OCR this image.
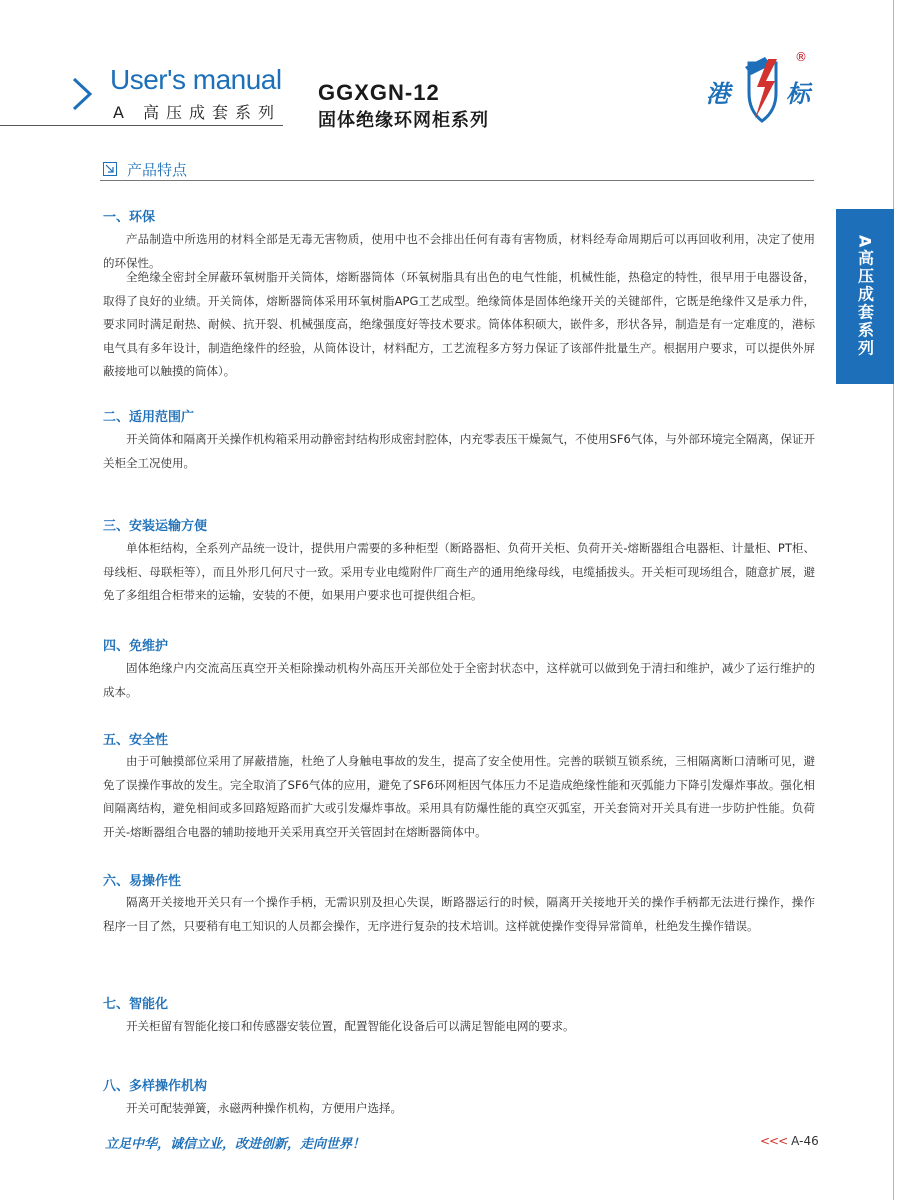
User's manual
A 高压成套系列
GGXGN-12
固体绝缘环网柜系列
港 标
®
产品特点
A高压成套系列
一、环保
产品制造中所选用的材料全部是无毒无害物质，使用中也不会排出任何有毒有害物质，材料经寿命周期后可以再回收利用，决定了使用的环保性。
全绝缘全密封全屏蔽环氧树脂开关筒体，熔断器筒体（环氧树脂具有出色的电气性能，机械性能，热稳定的特性，很早用于电器设备，取得了良好的业绩。开关筒体，熔断器筒体采用环氧树脂APG工艺成型。绝缘筒体是固体绝缘开关的关键部件，它既是绝缘件又是承力件，要求同时满足耐热、耐候、抗开裂、机械强度高，绝缘强度好等技术要求。筒体体积硕大，嵌件多，形状各异，制造是有一定难度的，港标电气具有多年设计，制造绝缘件的经验，从筒体设计，材料配方，工艺流程多方努力保证了该部件批量生产。根据用户要求，可以提供外屏蔽接地可以触摸的筒体）。
二、适用范围广
开关筒体和隔离开关操作机构箱采用动静密封结构形成密封腔体，内充零表压干燥氮气，不使用SF6气体，与外部环境完全隔离，保证开关柜全工况使用。
三、安装运输方便
单体柜结构，全系列产品统一设计，提供用户需要的多种柜型（断路器柜、负荷开关柜、负荷开关-熔断器组合电器柜、计量柜、PT柜、母线柜、母联柜等），而且外形几何尺寸一致。采用专业电缆附件厂商生产的通用绝缘母线，电缆插拔头。开关柜可现场组合，随意扩展，避免了多组组合柜带来的运输，安装的不便，如果用户要求也可提供组合柜。
四、免维护
固体绝缘户内交流高压真空开关柜除操动机构外高压开关部位处于全密封状态中，这样就可以做到免于清扫和维护，减少了运行维护的成本。
五、安全性
由于可触摸部位采用了屏蔽措施，杜绝了人身触电事故的发生，提高了安全使用性。完善的联锁互锁系统，三相隔离断口清晰可见，避免了误操作事故的发生。完全取消了SF6气体的应用，避免了SF6环网柜因气体压力不足造成绝缘性能和灭弧能力下降引发爆炸事故。强化相间隔离结构，避免相间或多回路短路而扩大或引发爆炸事故。采用具有防爆性能的真空灭弧室，开关套筒对开关具有进一步防护性能。负荷开关-熔断器组合电器的辅助接地开关采用真空开关管固封在熔断器筒体中。
六、易操作性
隔离开关接地开关只有一个操作手柄，无需识别及担心失误，断路器运行的时候，隔离开关接地开关的操作手柄都无法进行操作，操作程序一目了然，只要稍有电工知识的人员都会操作，无序进行复杂的技术培训。这样就使操作变得异常简单，杜绝发生操作错误。
七、智能化
开关柜留有智能化接口和传感器安装位置，配置智能化设备后可以满足智能电网的要求。
八、多样操作机构
开关可配装弹簧，永磁两种操作机构，方便用户选择。
立足中华，诚信立业，改进创新，走向世界！	<<< A-46
